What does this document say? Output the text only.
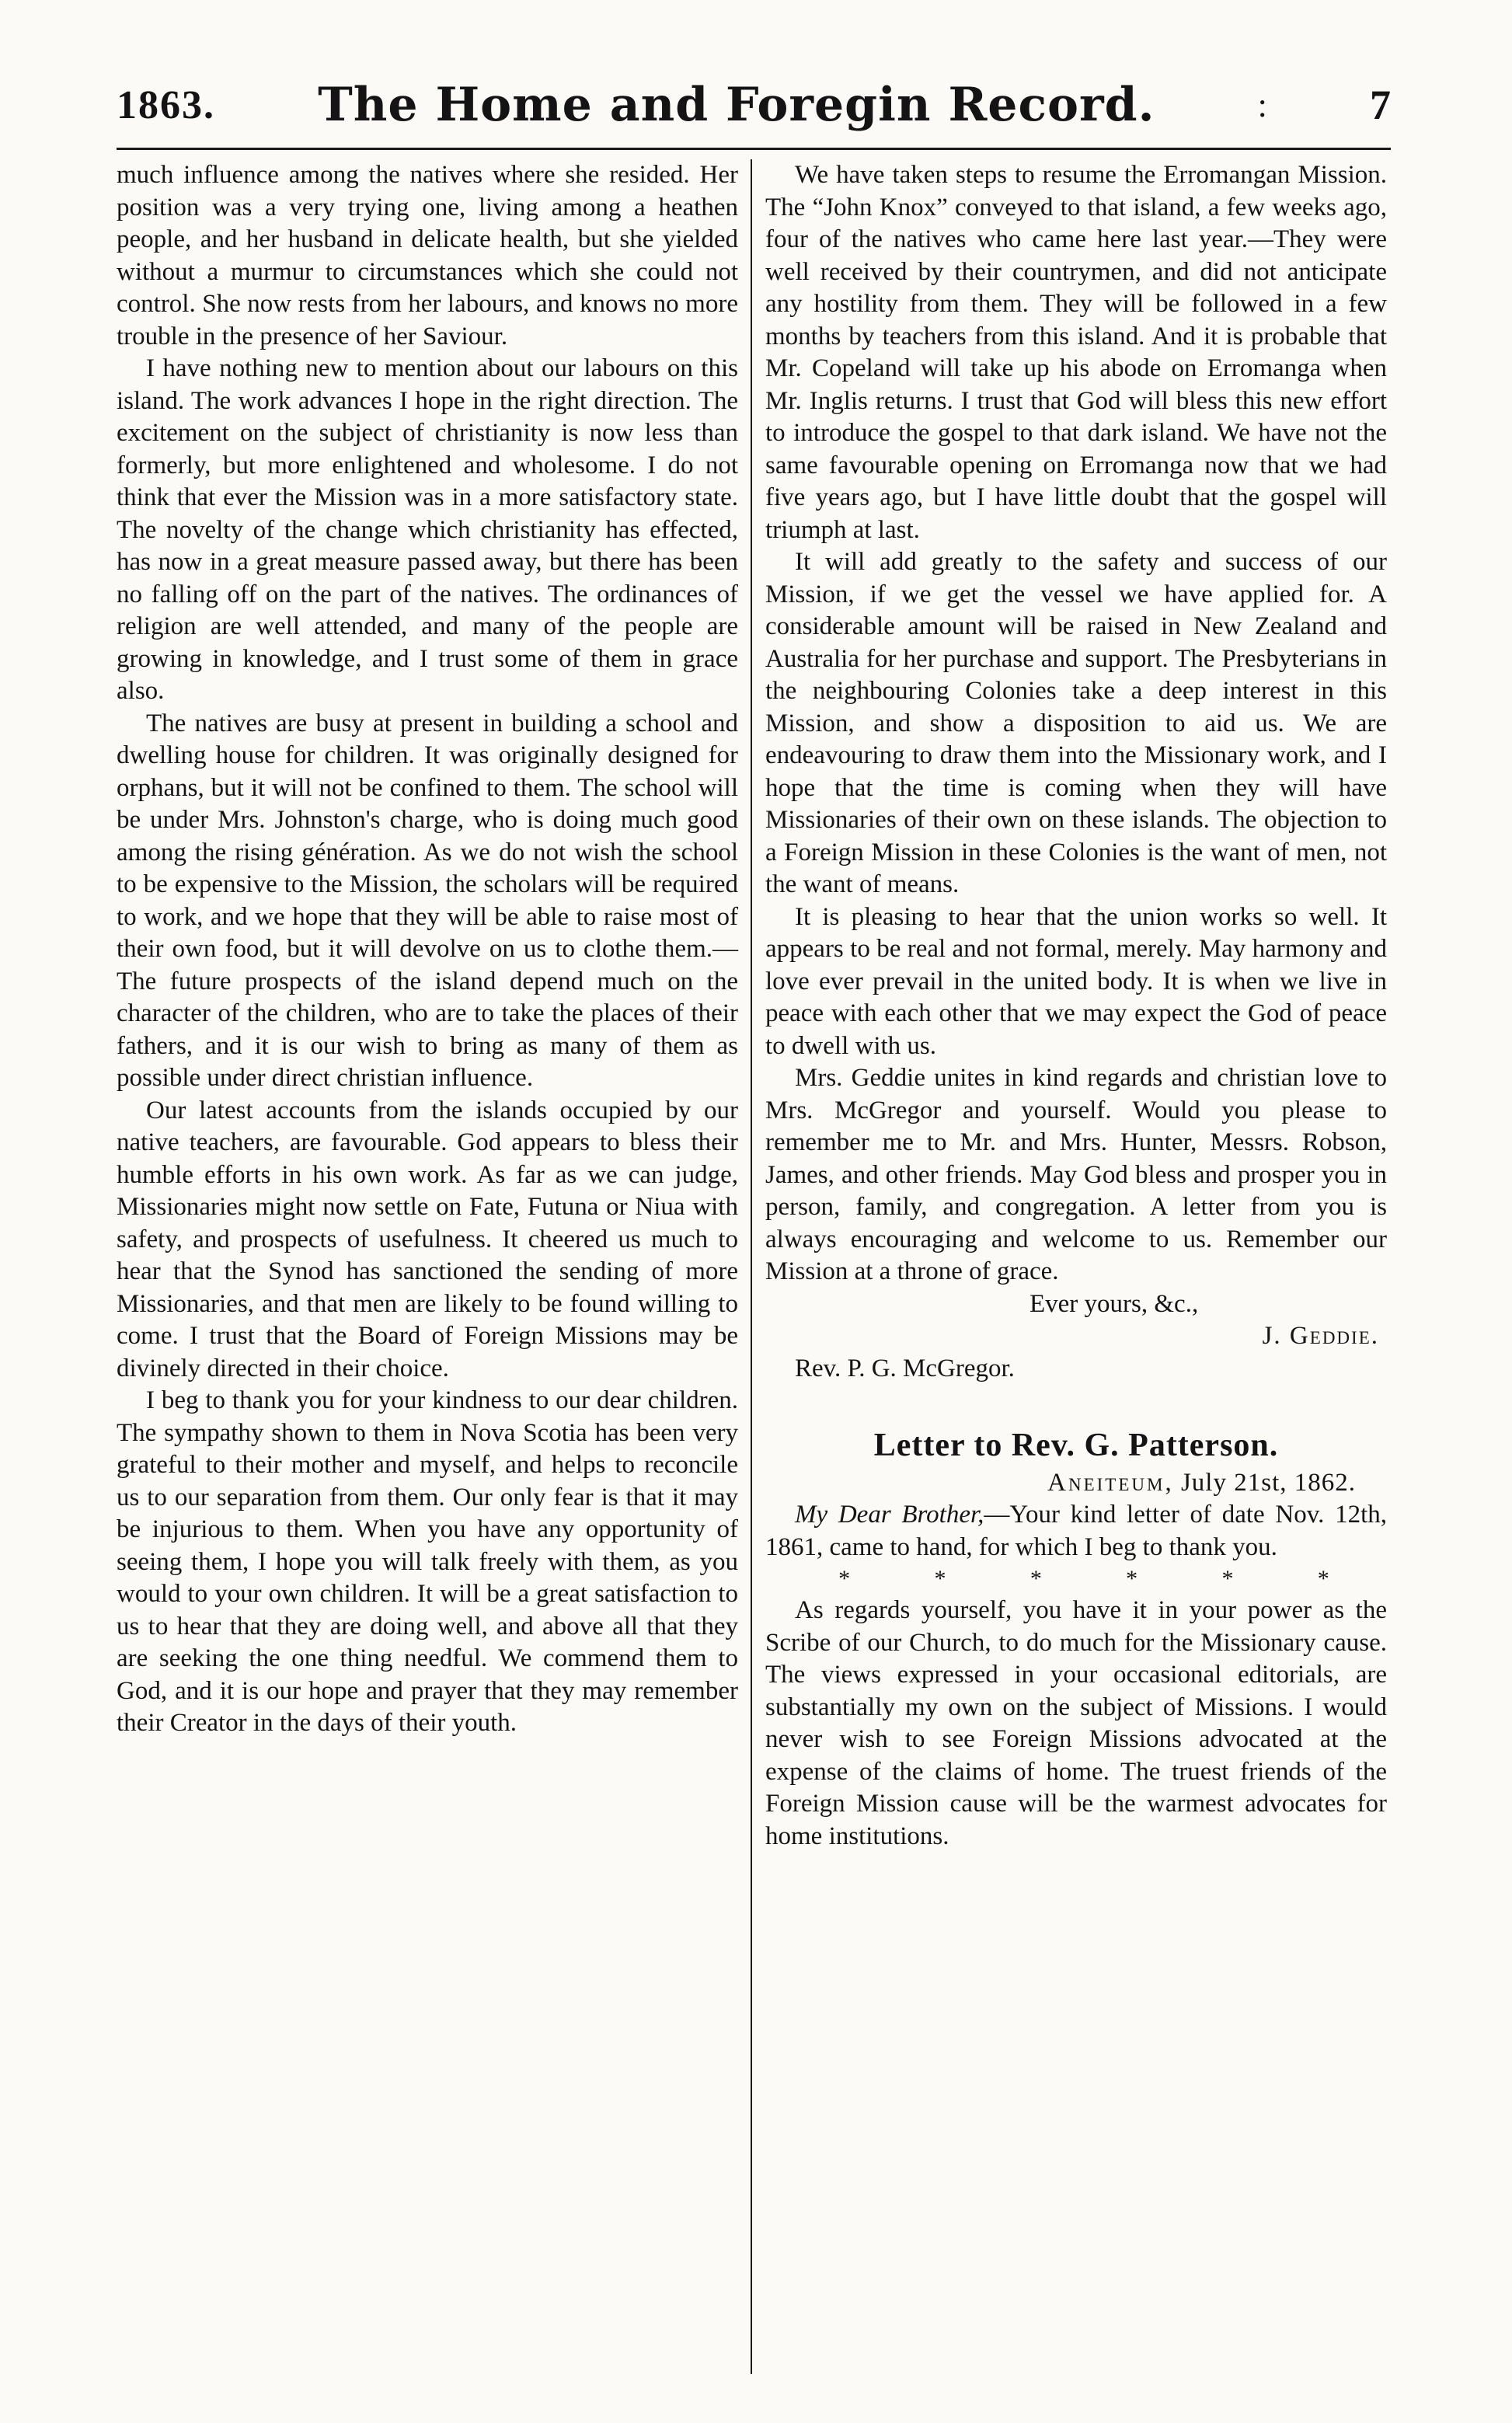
1863. The Home and Foregin Record.	: 7

much influence among the natives where she resided. Her position was a very trying one, living among a heathen people, and her husband in delicate health, but she yielded without a murmur to circumstances which she could not control. She now rests from her labours, and knows no more trouble in the presence of her Saviour.

I have nothing new to mention about our labours on this island. The work advances I hope in the right direction. The excitement on the subject of christianity is now less than formerly, but more enlightened and wholesome. I do not think that ever the Mission was in a more satisfactory state. The novelty of the change which christianity has effected, has now in a great measure passed away, but there has been no falling off on the part of the natives. The ordinances of religion are well attended, and many of the people are growing in knowledge, and I trust some of them in grace also.

The natives are busy at present in building a school and dwelling house for children. It was originally designed for orphans, but it will not be confined to them. The school will be under Mrs. Johnston's charge, who is doing much good among the rising génération. As we do not wish the school to be expensive to the Mission, the scholars will be required to work, and we hope that they will be able to raise most of their own food, but it will devolve on us to clothe them.—The future prospects of the island depend much on the character of the children, who are to take the places of their fathers, and it is our wish to bring as many of them as possible under direct christian influence.

Our latest accounts from the islands occupied by our native teachers, are favourable. God appears to bless their humble efforts in his own work. As far as we can judge, Missionaries might now settle on Fate, Futuna or Niua with safety, and prospects of usefulness. It cheered us much to hear that the Synod has sanctioned the sending of more Missionaries, and that men are likely to be found willing to come. I trust that the Board of Foreign Missions may be divinely directed in their choice.

I beg to thank you for your kindness to our dear children. The sympathy shown to them in Nova Scotia has been very grateful to their mother and myself, and helps to reconcile us to our separation from them. Our only fear is that it may be injurious to them. When you have any opportunity of seeing them, I hope you will talk freely with them, as you would to your own children. It will be a great satisfaction to us to hear that they are doing well, and above all that they are seeking the one thing needful. We commend them to God, and it is our hope and prayer that they may remember their Creator in the days of their youth.

We have taken steps to resume the Erromangan Mission. The “John Knox” conveyed to that island, a few weeks ago, four of the natives who came here last year.—They were well received by their countrymen, and did not anticipate any hostility from them. They will be followed in a few months by teachers from this island. And it is probable that Mr. Copeland will take up his abode on Erromanga when Mr. Inglis returns. I trust that God will bless this new effort to introduce the gospel to that dark island. We have not the same favourable opening on Erromanga now that we had five years ago, but I have little doubt that the gospel will triumph at last.

It will add greatly to the safety and success of our Mission, if we get the vessel we have applied for. A considerable amount will be raised in New Zealand and Australia for her purchase and support. The Presbyterians in the neighbouring Colonies take a deep interest in this Mission, and show a disposition to aid us. We are endeavouring to draw them into the Missionary work, and I hope that the time is coming when they will have Missionaries of their own on these islands. The objection to a Foreign Mission in these Colonies is the want of men, not the want of means.

It is pleasing to hear that the union works so well. It appears to be real and not formal, merely. May harmony and love ever prevail in the united body. It is when we live in peace with each other that we may expect the God of peace to dwell with us.

Mrs. Geddie unites in kind regards and christian love to Mrs. McGregor and yourself. Would you please to remember me to Mr. and Mrs. Hunter, Messrs. Robson, James, and other friends. May God bless and prosper you in person, family, and congregation. A letter from you is always encouraging and welcome to us. Remember our Mission at a throne of grace.

Ever yours, &c.,
J. Geddie.
Rev. P. G. McGregor.
Letter to Rev. G. Patterson.
Aneiteum, July 21st, 1862.

My Dear Brother,—Your kind letter of date Nov. 12th, 1861, came to hand, for which I beg to thank you.

*	*	*	*	*	*

As regards yourself, you have it in your power as the Scribe of our Church, to do much for the Missionary cause. The views expressed in your occasional editorials, are substantially my own on the subject of Missions. I would never wish to see Foreign Missions advocated at the expense of the claims of home. The truest friends of the Foreign Mission cause will be the warmest advocates for home institutions.
